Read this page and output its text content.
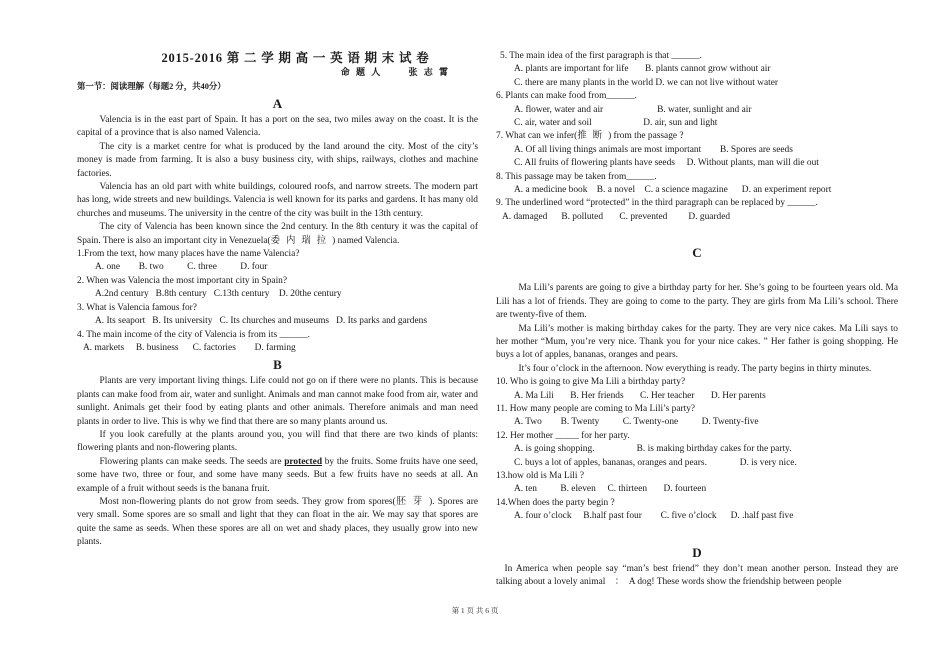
2015-2016 第 二 学 期 高 一 英 语 期 末 试 卷
命 题 人　　 张 志 霄
第一节：阅读理解（每题2 分，共40分）
A

Valencia is in the east part of Spain. It has a port on the sea, two miles away on the coast. It is the capital of a province that is also named Valencia.

The city is a market centre for what is produced by the land around the city. Most of the city’s money is made from farming. It is also a busy business city, with ships, railways, clothes and machine factories.

Valencia has an old part with white buildings, coloured roofs, and narrow streets. The modern part has long, wide streets and new buildings. Valencia is well known for its parks and gardens. It has many old churches and museums. The university in the centre of the city was built in the 13th century.

The city of Valencia has been known since the 2nd century. In the 8th century it was the capital of Spain. There is also an important city in Venezuela(委内瑞拉) named Valencia.

1.From the text, how many places have the name Valencia?

A. one        B. two          C. three          D. four

2. When was Valencia the most important city in Spain?

A.2nd century   B.8th century   C.13th century    D. 20the century

3. What is Valencia famous for?

A. Its seaport   B. Its university   C. Its churches and museums   D. Its parks and gardens

4. The main income of the city of Valencia is from its ______.

A. markets     B. business      C. factories        D. farming

B

Plants are very important living things. Life could not go on if there were no plants. This is because plants can make food from air, water and sunlight. Animals and man cannot make food from air, water and sunlight. Animals get their food by eating plants and other animals. Therefore animals and man need plants in order to live. This is why we find that there are so many plants around us.

If you look carefully at the plants around you, you will find that there are two kinds of plants: flowering plants and non-flowering plants.

Flowering plants can make seeds. The seeds are protected by the fruits. Some fruits have one seed, some have two, three or four, and some have many seeds. But a few fruits have no seeds at all. An example of a fruit without seeds is the banana fruit.

Most non-flowering plants do not grow from seeds. They grow from spores(胚芽). Spores are very small. Some spores are so small and light that they can float in the air. We may say that spores are quite the same as seeds. When these spores are all on wet and shady places, they usually grow into new plants.

5. The main idea of the first paragraph is that ______.

A. plants are important for life       B. plants cannot grow without air

C. there are many plants in the world D. we can not live without water

6. Plants can make food from______.

A. flower, water and air                       B. water, sunlight and air

C. air, water and soil                      D. air, sun and light

7. What can we infer(推断) from the passage ?

A. Of all living things animals are most important        B. Spores are seeds

C. All fruits of flowering plants have seeds     D. Without plants, man will die out

8. This passage may be taken from______.

A. a medicine book    B. a novel    C. a science magazine      D. an experiment report

9. The underlined word “protected” in the third paragraph can be replaced by ______.

A. damaged      B. polluted       C. prevented         D. guarded

C

Ma Lili’s parents are going to give a birthday party for her. She’s going to be fourteen years old. Ma Lili has a lot of friends. They are going to come to the party. They are girls from Ma Lili’s school. There are twenty-five of them.

Ma Lili’s mother is making birthday cakes for the party. They are very nice cakes. Ma Lili says to her mother “Mum, you’re very nice. Thank you for your nice cakes. ” Her father is going shopping. He buys a lot of apples, bananas, oranges and pears.

It’s four o’clock in the afternoon. Now everything is ready. The party begins in thirty minutes.

10. Who is going to give Ma Lili a birthday party?

A. Ma Lili       B. Her friends       C. Her teacher       D. Her parents

11. How many people are coming to Ma Lili’s party?

A. Two        B. Twenty          C. Twenty-one          D. Twenty-five

12. Her mother _____ for her party.

A. is going shopping.                  B. is making birthday cakes for the party.

C. buys a lot of apples, bananas, oranges and pears.              D. is very nice.

13.how old is Ma Lili ?

A. ten          B. eleven     C. thirteen       D. fourteen

14.When does the party begin ?

A. four o’clock     B.half past four        C. five o’clock      D. .half past five

D

In America when people say “man’s best friend” they don’t mean another person. Instead they are talking about a lovely animal　：　A dog! These words show the friendship between people

第 1 页 共 6 页
